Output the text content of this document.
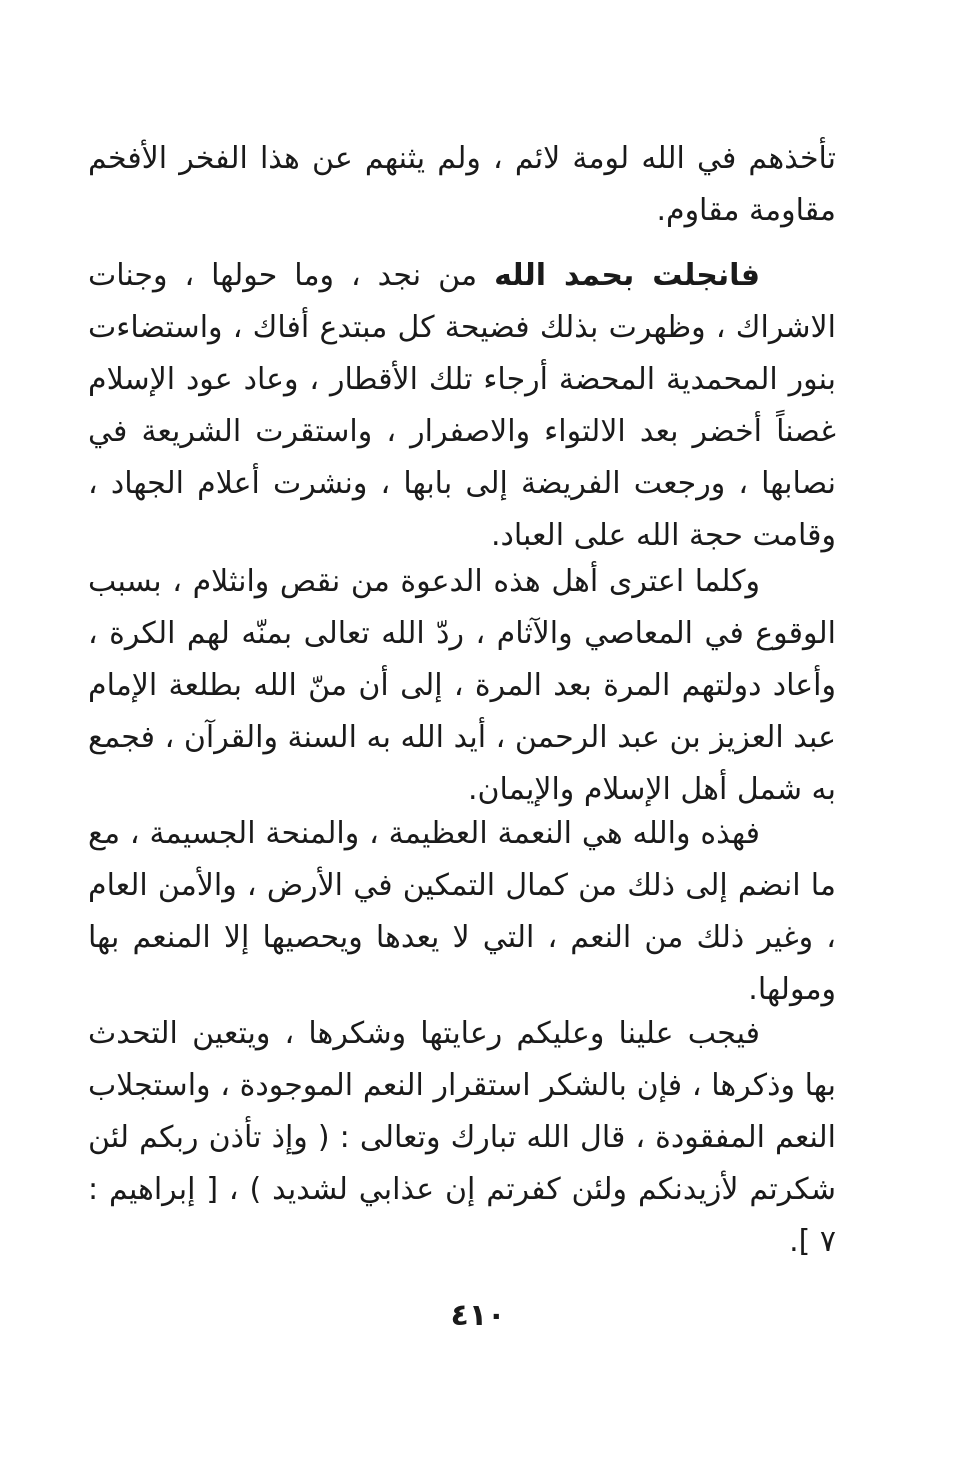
تأخذهم في الله لومة لائم ، ولم يثنهم عن هذا الفخر الأفخم مقاومة مقاوم.

فانجلت بحمد الله من نجد ، وما حولها ، وجنات الاشراك ، وظهرت بذلك فضيحة كل مبتدع أفاك ، واستضاءت بنور المحمدية المحضة أرجاء تلك الأقطار ، وعاد عود الإسلام غصناً أخضر بعد الالتواء والاصفرار ، واستقرت الشريعة في نصابها ، ورجعت الفريضة إلى بابها ، ونشرت أعلام الجهاد ، وقامت حجة الله على العباد.

وكلما اعترى أهل هذه الدعوة من نقص وانثلام ، بسبب الوقوع في المعاصي والآثام ، ردّ الله تعالى بمنّه لهم الكرة ، وأعاد دولتهم المرة بعد المرة ، إلى أن منّ الله بطلعة الإمام عبد العزيز بن عبد الرحمن ، أيد الله به السنة والقرآن ، فجمع به شمل أهل الإسلام والإيمان.

فهذه والله هي النعمة العظيمة ، والمنحة الجسيمة ، مع ما انضم إلى ذلك من كمال التمكين في الأرض ، والأمن العام ، وغير ذلك من النعم ، التي لا يعدها ويحصيها إلا المنعم بها ومولها.

فيجب علينا وعليكم رعايتها وشكرها ، ويتعين التحدث بها وذكرها ، فإن بالشكر استقرار النعم الموجودة ، واستجلاب النعم المفقودة ، قال الله تبارك وتعالى : ( وإذ تأذن ربكم لئن شكرتم لأزيدنكم ولئن كفرتم إن عذابي لشديد ) ، [ إبراهيم : ٧ ].

٤١٠
